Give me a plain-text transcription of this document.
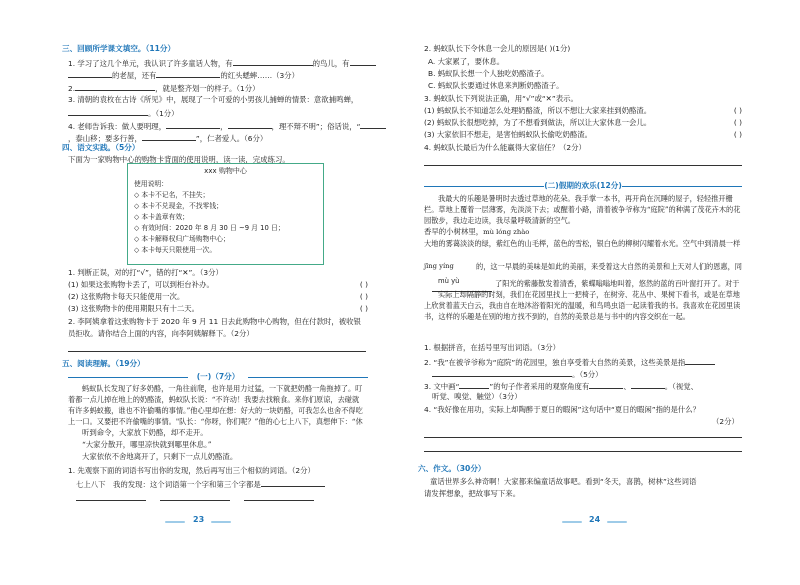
三、回顾所学课文填空。（11分）
1. 学习了这几个单元，我认识了许多童话人物，有	的鸟儿，有
的老屋，还有	的红头蟋蟀……（3分）
2.	，就是整齐划一的样子。（1分）
3. 清朝的袁枚在古诗《所见》中，展现了一个可爱的小男孩儿捕蝉的情景：意欲捕鸣蝉，
。（1分）
4. 老师告诉我：做人要明理，	，	，理不辩不明”；俗话说，“
，泰山移；要多行善，	”，仁者爱人。（6分）
四、语文实践。（5分）
下面为一家购物中心的购物卡背面的使用说明，读一读，完成练习。
xxx 购物中心
使用说明：
◇ 本卡不记名，不挂失；
◇ 本卡不兑现金，不找零钱；
◇ 本卡盖章有效；
◇ 有效时间：2020 年 8 月 30 日 ~9 月 10 日；
◇ 本卡解释权归广场购物中心；
◇ 本卡每天只限使用一次。
1. 判断正误，对的打“√”，错的打“✕”。（3分）
(1) 如果这张购物卡丢了，可以到柜台补办。	( )
(2) 这张购物卡每天只能使用一次。	( )
(3) 这张购物卡的使用期限只有十二天。	( )
2. 李阿姨拿着这张购物卡于 2020 年 9 月 11 日去此购物中心购物，但在付款时，被收银
员拒收。请你结合上面的内容，向李阿姨解释下。（2分）
五、阅读理解。（19分）
(一)（7分）
蚂蚁队长发现了好多奶酪，一角往前爬，也许是用力过猛，一下就把奶酪一角拖掉了。叮着都一点儿掉在地上的奶酪渣，蚂蚁队长说：“不许动！我要去找粮食。来你们原谅，去碰就有许多蚂蚁搬，谁也不许偷嘴的事情。”他心里却在想：好大的一块奶酪，可我怎么也舍不得吃上一口。又要把不许偷嘴的事情。"队长：“你呀，你们呢？”他的心七上八下，真想伸下：“休
听到命令，大家放下奶酪，却不走开。
“大家分散开，哪里凉快就到哪里休息。”
大家依依不舍地离开了，只剩下一点儿奶酪渣。
1. 先观察下面的词语书写出你的发现，然后再写出三个相似的词语。（2分）
七上八下　我的发现：这个词语第一个字和第三个字都是
23
2. 蚂蚁队长下令休息一会儿的原因是( )(1分)
A. 大家累了，要休息。
B. 蚂蚁队长想一个人独吃奶酪渣子。
C. 蚂蚁队长要通过休息来判断奶酪渣子。
3. 蚂蚁队长下列说法正确，用“√”或“✕”表示。
(1) 蚂蚁队长不知道怎么处理奶酪渣，所以不想让大家来挂到奶酪渣。	( )
(2) 蚂蚁队长很想吃掉，为了不想看到做法，所以让大家休息一会儿。	( )
(3) 大家依旧不想走，是害怕蚂蚁队长偷吃奶酪渣。	( )
4. 蚂蚁队长最后为什么能赢得大家信任？（2分）
(二)假期的欢乐(12分)
我最大的乐趣是暑明时去透过草地的花朵。我手掌一本书，再开尚在沉睡的屋子，轻轻推开栅栏。草地上覆着一层薄雾，先淡淡下去；或醒着小路，清着被争爷称为“庭院”的种满了茂花卉木的花园散步，我边走边读，我尽量呼吸清新的空气。
香早的小树林里，mù lóng zhào
大地的雾蔼淡淡的绿，紫红色的山毛榉，蓝色的雪松，银白色的柳树闪耀着水光。空气中到清晨一样
jīng yíng	的，这一早晨的美味是如此的美丽，来受着这大自然的美景和上天对人们的恩惠，同
mù yù	了阳光的紫藤散发着清香，紫蝶嗡嗡地叫着，悠然的蓝的百叶窗打开了。对于
实际上却隔静的时刻，我们在花园里找上一把椅子，在树旁、花丛中、果树下看书，或是在草地上欣赏着蓝天白云，我由自在地沐浴着阳光的温暖，和鸟鸣虫语一起读着我的书。我喜欢在花园里读书，这样的乐趣是在别的地方找不到的，自然的美景总是与书中的内容交织在一起。
1. 根据拼音，在括号里写出词语。（3分）
2. “我”在被爷爷称为“庭院”的花园里，独自享受着大自然的美景，这些美景是指
。（5分）
3. 文中画“	”的句子作者采用的观察角度有	、	。（视觉、
听觉、嗅觉、触觉）（3分）
4. “我好像在用功，实际上却陶醉于夏日的暇闲”这句话中“夏日的暇闲”指的是什么？
（2分）
六、作文。（30分）
童话世界多么神奇啊！大家都来编童话故事吧。看到“冬天，喜鹊，树林”这些词语
请发挥想象，把故事写下来。
24
